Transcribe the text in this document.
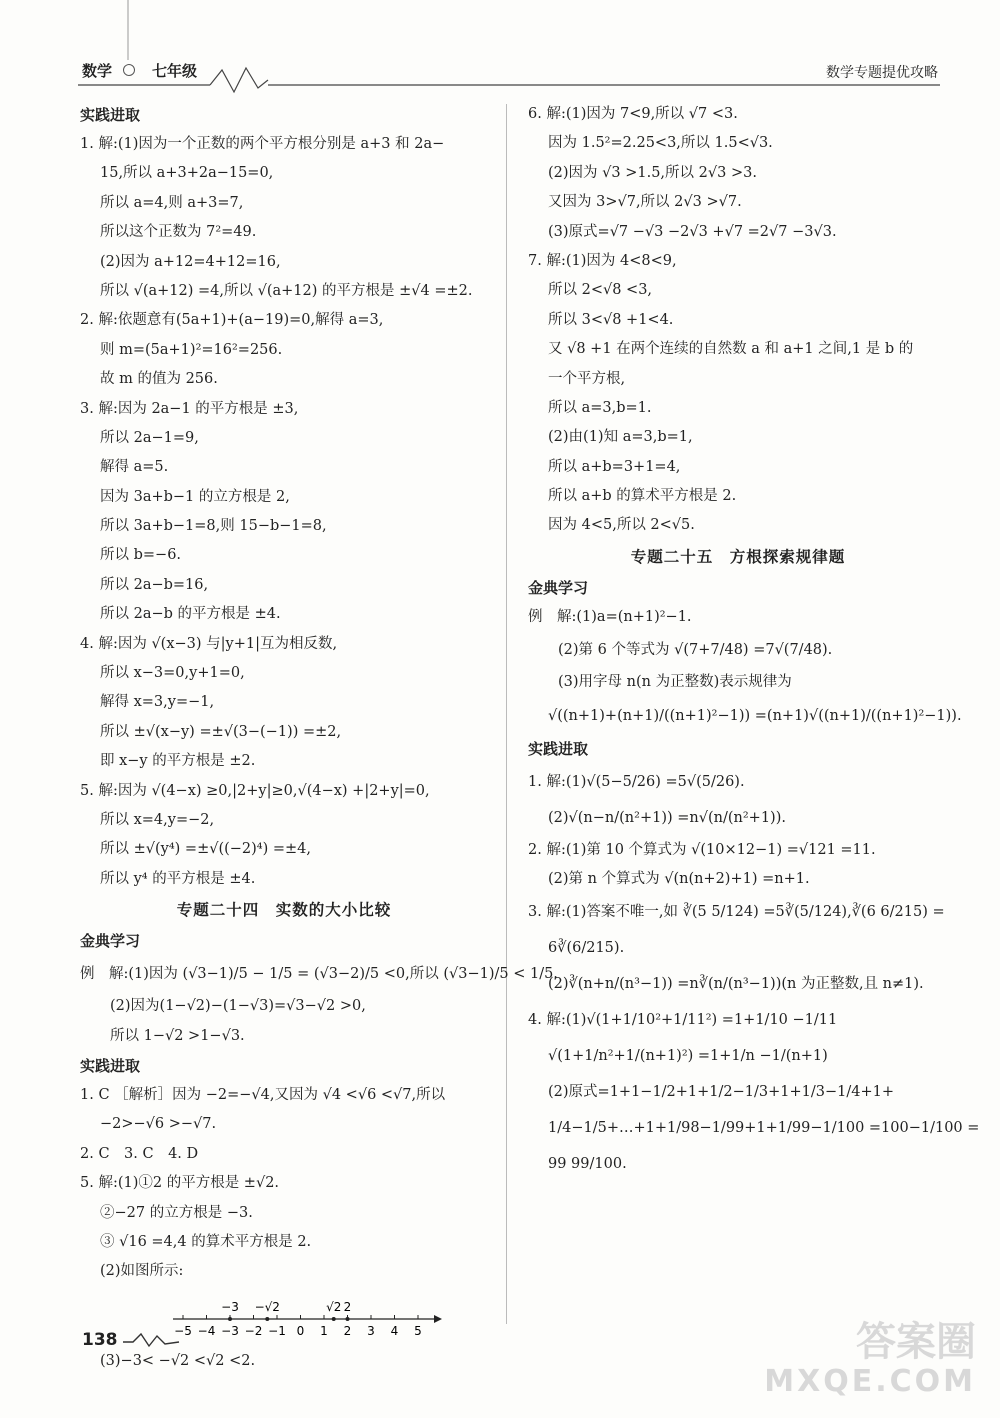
数学	七年级	数学专题提优攻略
实践进取
1. 解:(1)因为一个正数的两个平方根分别是 a+3 和 2a−
15,所以 a+3+2a−15=0,
所以 a=4,则 a+3=7,
所以这个正数为 7²=49.
(2)因为 a+12=4+12=16,
所以 √(a+12) =4,所以 √(a+12) 的平方根是 ±√4 =±2.
2. 解:依题意有(5a+1)+(a−19)=0,解得 a=3,
则 m=(5a+1)²=16²=256.
故 m 的值为 256.
3. 解:因为 2a−1 的平方根是 ±3,
所以 2a−1=9,
解得 a=5.
因为 3a+b−1 的立方根是 2,
所以 3a+b−1=8,则 15−b−1=8,
所以 b=−6.
所以 2a−b=16,
所以 2a−b 的平方根是 ±4.
4. 解:因为 √(x−3) 与|y+1|互为相反数,
所以 x−3=0,y+1=0,
解得 x=3,y=−1,
所以 ±√(x−y) =±√(3−(−1)) =±2,
即 x−y 的平方根是 ±2.
5. 解:因为 √(4−x) ≥0,|2+y|≥0,√(4−x) +|2+y|=0,
所以 x=4,y=−2,
所以 ±√(y⁴) =±√((−2)⁴) =±4,
所以 y⁴ 的平方根是 ±4.
专题二十四　实数的大小比较
金典学习
例　解:(1)因为 (√3−1)/5 − 1/5 = (√3−2)/5 <0,所以 (√3−1)/5 < 1/5.
(2)因为(1−√2)−(1−√3)=√3−√2 >0,
所以 1−√2 >1−√3.
实践进取
1. C ［解析］因为 −2=−√4,又因为 √4 <√6 <√7,所以
−2>−√6 >−√7.
2. C　3. C　4. D
5. 解:(1)①2 的平方根是 ±√2.
②−27 的立方根是 −3.
③ √16 =4,4 的算术平方根是 2.
(2)如图所示:
−5 −4 −3 −2 −1 0 1 2 3 4 5
−3 −√2	√2 2
(3)−3< −√2 <√2 <2.
6. 解:(1)因为 7<9,所以 √7 <3.
因为 1.5²=2.25<3,所以 1.5<√3.
(2)因为 √3 >1.5,所以 2√3 >3.
又因为 3>√7,所以 2√3 >√7.
(3)原式=√7 −√3 −2√3 +√7 =2√7 −3√3.
7. 解:(1)因为 4<8<9,
所以 2<√8 <3,
所以 3<√8 +1<4.
又 √8 +1 在两个连续的自然数 a 和 a+1 之间,1 是 b 的
一个平方根,
所以 a=3,b=1.
(2)由(1)知 a=3,b=1,
所以 a+b=3+1=4,
所以 a+b 的算术平方根是 2.
因为 4<5,所以 2<√5.
专题二十五　方根探索规律题
金典学习
例　解:(1)a=(n+1)²−1.
(2)第 6 个等式为 √(7+7/48) =7√(7/48).
(3)用字母 n(n 为正整数)表示规律为
√((n+1)+(n+1)/((n+1)²−1)) =(n+1)√((n+1)/((n+1)²−1)).
实践进取
1. 解:(1)√(5−5/26) =5√(5/26).
(2)√(n−n/(n²+1)) =n√(n/(n²+1)).
2. 解:(1)第 10 个算式为 √(10×12−1) =√121 =11.
(2)第 n 个算式为 √(n(n+2)+1) =n+1.
3. 解:(1)答案不唯一,如 ∛(5 5/124) =5∛(5/124),∛(6 6/215) =
6∛(6/215).
(2)∛(n+n/(n³−1)) =n∛(n/(n³−1))(n 为正整数,且 n≠1).
4. 解:(1)√(1+1/10²+1/11²) =1+1/10 −1/11
√(1+1/n²+1/(n+1)²) =1+1/n −1/(n+1)
(2)原式=1+1−1/2+1+1/2−1/3+1+1/3−1/4+1+
1/4−1/5+…+1+1/98−1/99+1+1/99−1/100 =100−1/100 =
99 99/100.
138	答案圈
MXQE.COM
